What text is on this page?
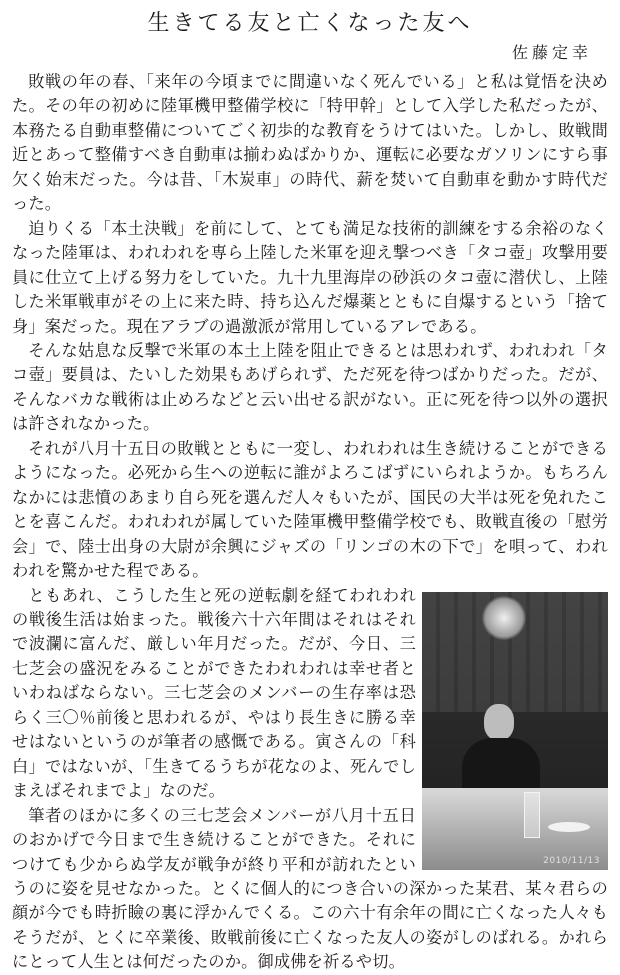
生きてる友と亡くなった友へ
佐藤定幸

敗戦の年の春、「来年の今頃までに間違いなく死んでいる」と私は覚悟を決めた。その年の初めに陸軍機甲整備学校に「特甲幹」として入学した私だったが、本務たる自動車整備についてごく初歩的な教育をうけてはいた。しかし、敗戦間近とあって整備すべき自動車は揃わぬばかりか、運転に必要なガソリンにすら事欠く始末だった。今は昔、「木炭車」の時代、薪を焚いて自動車を動かす時代だった。

迫りくる「本土決戦」を前にして、とても満足な技術的訓練をする余裕のなくなった陸軍は、われわれを専ら上陸した米軍を迎え撃つべき「タコ壺」攻撃用要員に仕立て上げる努力をしていた。九十九里海岸の砂浜のタコ壺に潜伏し、上陸した米軍戦車がその上に来た時、持ち込んだ爆薬とともに自爆するという「捨て身」案だった。現在アラブの過激派が常用しているアレである。

そんな姑息な反撃で米軍の本土上陸を阻止できるとは思われず、われわれ「タコ壺」要員は、たいした効果もあげられず、ただ死を待つばかりだった。だが、そんなバカな戦術は止めろなどと云い出せる訳がない。正に死を待つ以外の選択は許されなかった。

それが八月十五日の敗戦とともに一変し、われわれは生き続けることができるようになった。必死から生への逆転に誰がよろこばずにいられようか。もちろんなかには悲憤のあまり自ら死を選んだ人々もいたが、国民の大半は死を免れたことを喜こんだ。われわれが属していた陸軍機甲整備学校でも、敗戦直後の「慰労会」で、陸士出身の大尉が余興にジャズの「リンゴの木の下で」を唄って、われわれを驚かせた程である。

2010/11/13

ともあれ、こうした生と死の逆転劇を経てわれわれの戦後生活は始まった。戦後六十六年間はそれはそれで波瀾に富んだ、厳しい年月だった。だが、今日、三七芝会の盛況をみることができたわれわれは幸せ者といわねばならない。三七芝会のメンバーの生存率は恐らく三〇％前後と思われるが、やはり長生きに勝る幸せはないというのが筆者の感慨である。寅さんの「科白」ではないが、「生きてるうちが花なのよ、死んでしまえばそれまでよ」なのだ。

筆者のほかに多くの三七芝会メンバーが八月十五日のおかげで今日まで生き続けることができた。それにつけても少からぬ学友が戦争が終り平和が訪れたというのに姿を見せなかった。とくに個人的につき合いの深かった某君、某々君らの顔が今でも時折瞼の裏に浮かんでくる。この六十有余年の間に亡くなった人々もそうだが、とくに卒業後、敗戦前後に亡くなった友人の姿がしのばれる。かれらにとって人生とは何だったのか。御成佛を祈るや切。
